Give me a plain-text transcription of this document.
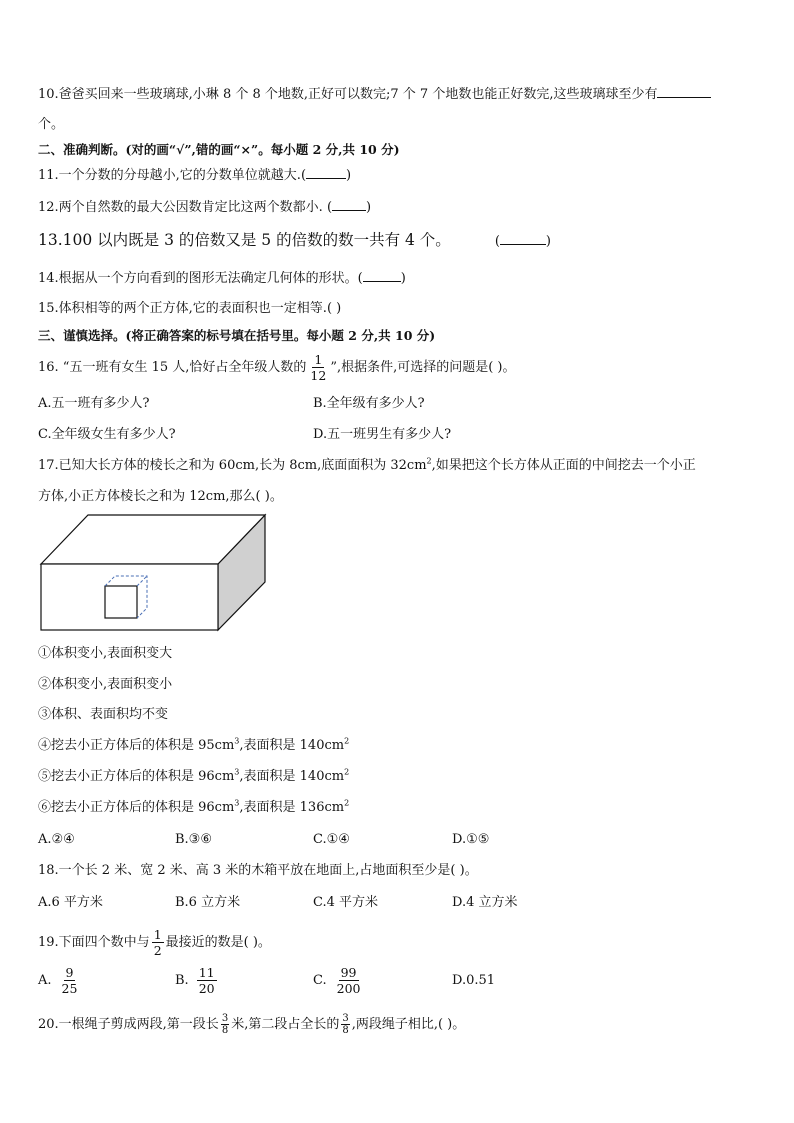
10.爸爸买回来一些玻璃球,小琳 8 个 8 个地数,正好可以数完;7 个 7 个地数也能正好数完,这些玻璃球至少有
个。
二、准确判断。(对的画“√”,错的画“×”。每小题 2 分,共 10 分)
11.一个分数的分母越小,它的分数单位就越大.(	)
12.两个自然数的最大公因数肯定比这两个数都小. (	)
13.100 以内既是 3 的倍数又是 5 的倍数的数一共有 4 个。	(	)
14.根据从一个方向看到的图形无法确定几何体的形状。(	)
15.体积相等的两个正方体,它的表面积也一定相等.( )
三、谨慎选择。(将正确答案的标号填在括号里。每小题 2 分,共 10 分)
16. “五一班有女生 15 人,恰好占全年级人数的 $\frac{1}{12}$ ”,根据条件,可选择的问题是( )。
A.五一班有多少人?	B.全年级有多少人?
C.全年级女生有多少人?	D.五一班男生有多少人?
17.已知大长方体的棱长之和为 60cm,长为 8cm,底面面积为 $32cm^2$,如果把这个长方体从正面的中间挖去一个小正
方体,小正方体棱长之和为 12cm,那么( )。
①体积变小,表面积变大
②体积变小,表面积变小
③体积、表面积均不变
④挖去小正方体后的体积是 $95cm^3$,表面积是 $140cm^2$
⑤挖去小正方体后的体积是 $96cm^3$,表面积是 $140cm^2$
⑥挖去小正方体后的体积是 $96cm^3$,表面积是 $136cm^2$
A.②④	B.③⑥	C.①④	D.①⑤
18.一个长 2 米、宽 2 米、高 3 米的木箱平放在地面上,占地面积至少是( )。
A.6 平方米	B.6 立方米	C.4 平方米	D.4 立方米
19.下面四个数中与 $\frac{1}{2}$ 最接近的数是( )。
A. $\frac{9}{25}$	B. $\frac{11}{20}$	C. $\frac{99}{200}$	D.0.51
20.一根绳子剪成两段,第一段长 $\frac{3}{8}$ 米,第二段占全长的 $\frac{3}{8}$ ,两段绳子相比,( )。
